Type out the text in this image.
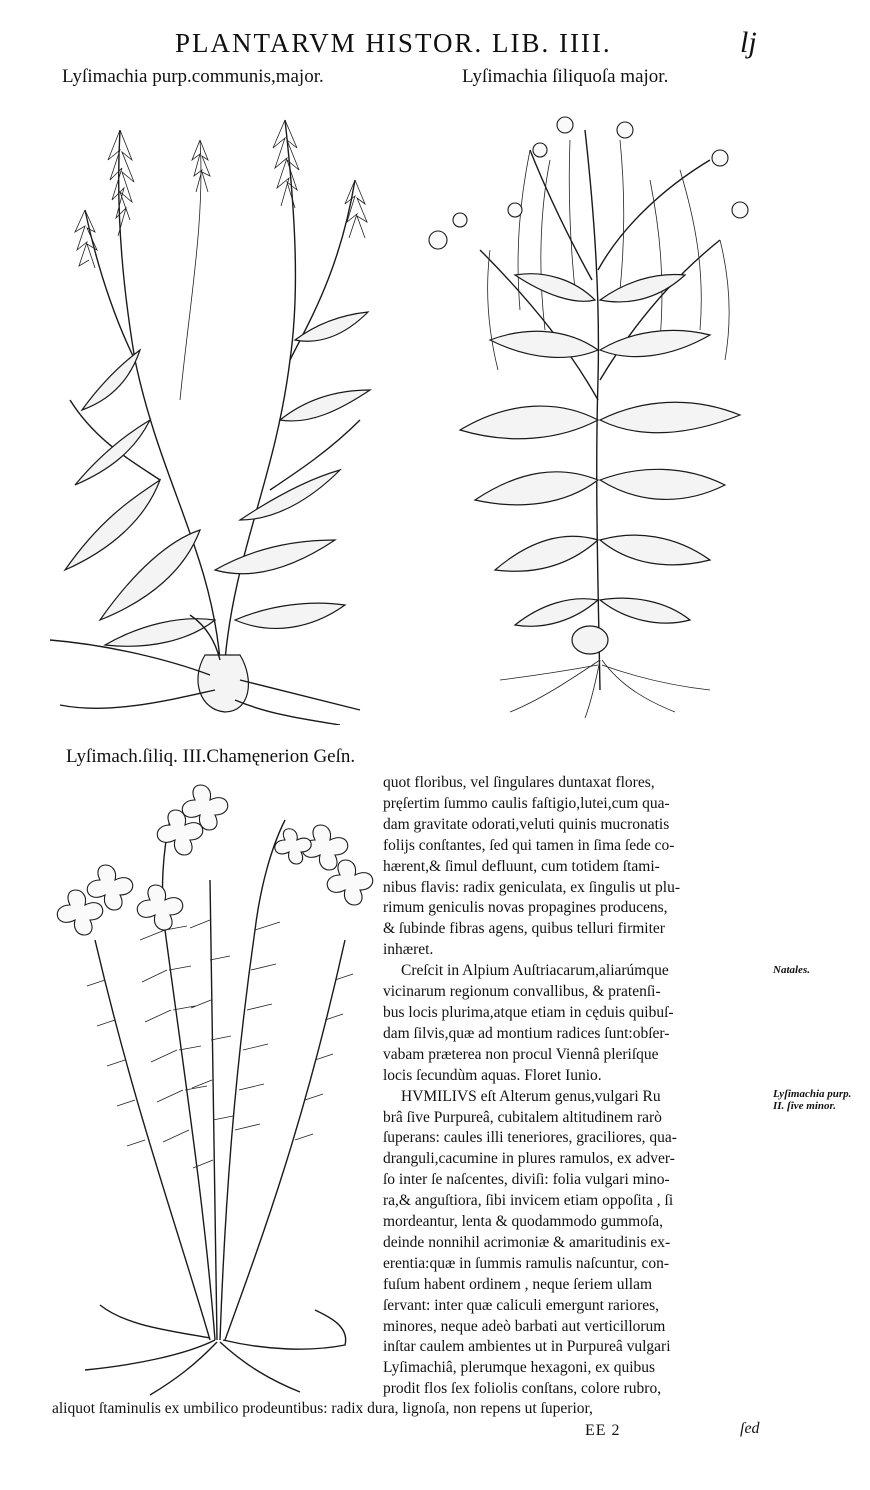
PLANTARVM HISTOR. LIB. IIII.	lj
Lyſimachia purp.communis,major.	Lyſimachia ſiliquoſa major.
Lyſimach.ſiliq. III.Chamęnerion Geſn.
quot floribus, vel ſingulares duntaxat flores,
pręſertim ſummo caulis faſtigio,lutei,cum qua-
dam gravitate odorati,veluti quinis mucronatis
folijs conſtantes, ſed qui tamen in ſima ſede co-
hærent,& ſimul defluunt, cum totidem ſtami-
nibus flavis: radix geniculata, ex ſingulis ut plu-
rimum geniculis novas propagines producens,
& ſubinde fibras agens, quibus telluri firmiter
inhæret.
Creſcit in Alpium Auſtriacarum,aliarúmque
vicinarum regionum convallibus, & pratenſi-
bus locis plurima,atque etiam in cęduis quibuſ-
dam ſilvis,quæ ad montium radices ſunt:obſer-
vabam præterea non procul Viennâ pleriſque
locis ſecundùm aquas. Floret Iunio.
HVMILIVS eſt Alterum genus,vulgari Ru
brâ ſive Purpureâ, cubitalem altitudinem rarò
ſuperans: caules illi teneriores, graciliores, qua-
dranguli,cacumine in plures ramulos, ex adver-
ſo inter ſe naſcentes, diviſi: folia vulgari mino-
ra,& anguſtiora, ſibi invicem etiam oppoſita , ſi
mordeantur, lenta & quodammodo gummoſa,
deinde nonnihil acrimoniæ & amaritudinis ex-
erentia:quæ in ſummis ramulis naſcuntur, con-
fuſum habent ordinem , neque ſeriem ullam
ſervant: inter quæ caliculi emergunt rariores,
minores, neque adeò barbati aut verticillorum
inſtar caulem ambientes ut in Purpureâ vulgari
Lyſimachiâ, plerumque hexagoni, ex quibus
prodit flos ſex foliolis conſtans, colore rubro,
aliquot ſtaminulis ex umbilico prodeuntibus: radix dura, lignoſa, non repens ut ſuperior,
EE 2	ſed
Natales.
Lyſimachia purp. II. ſive minor.
